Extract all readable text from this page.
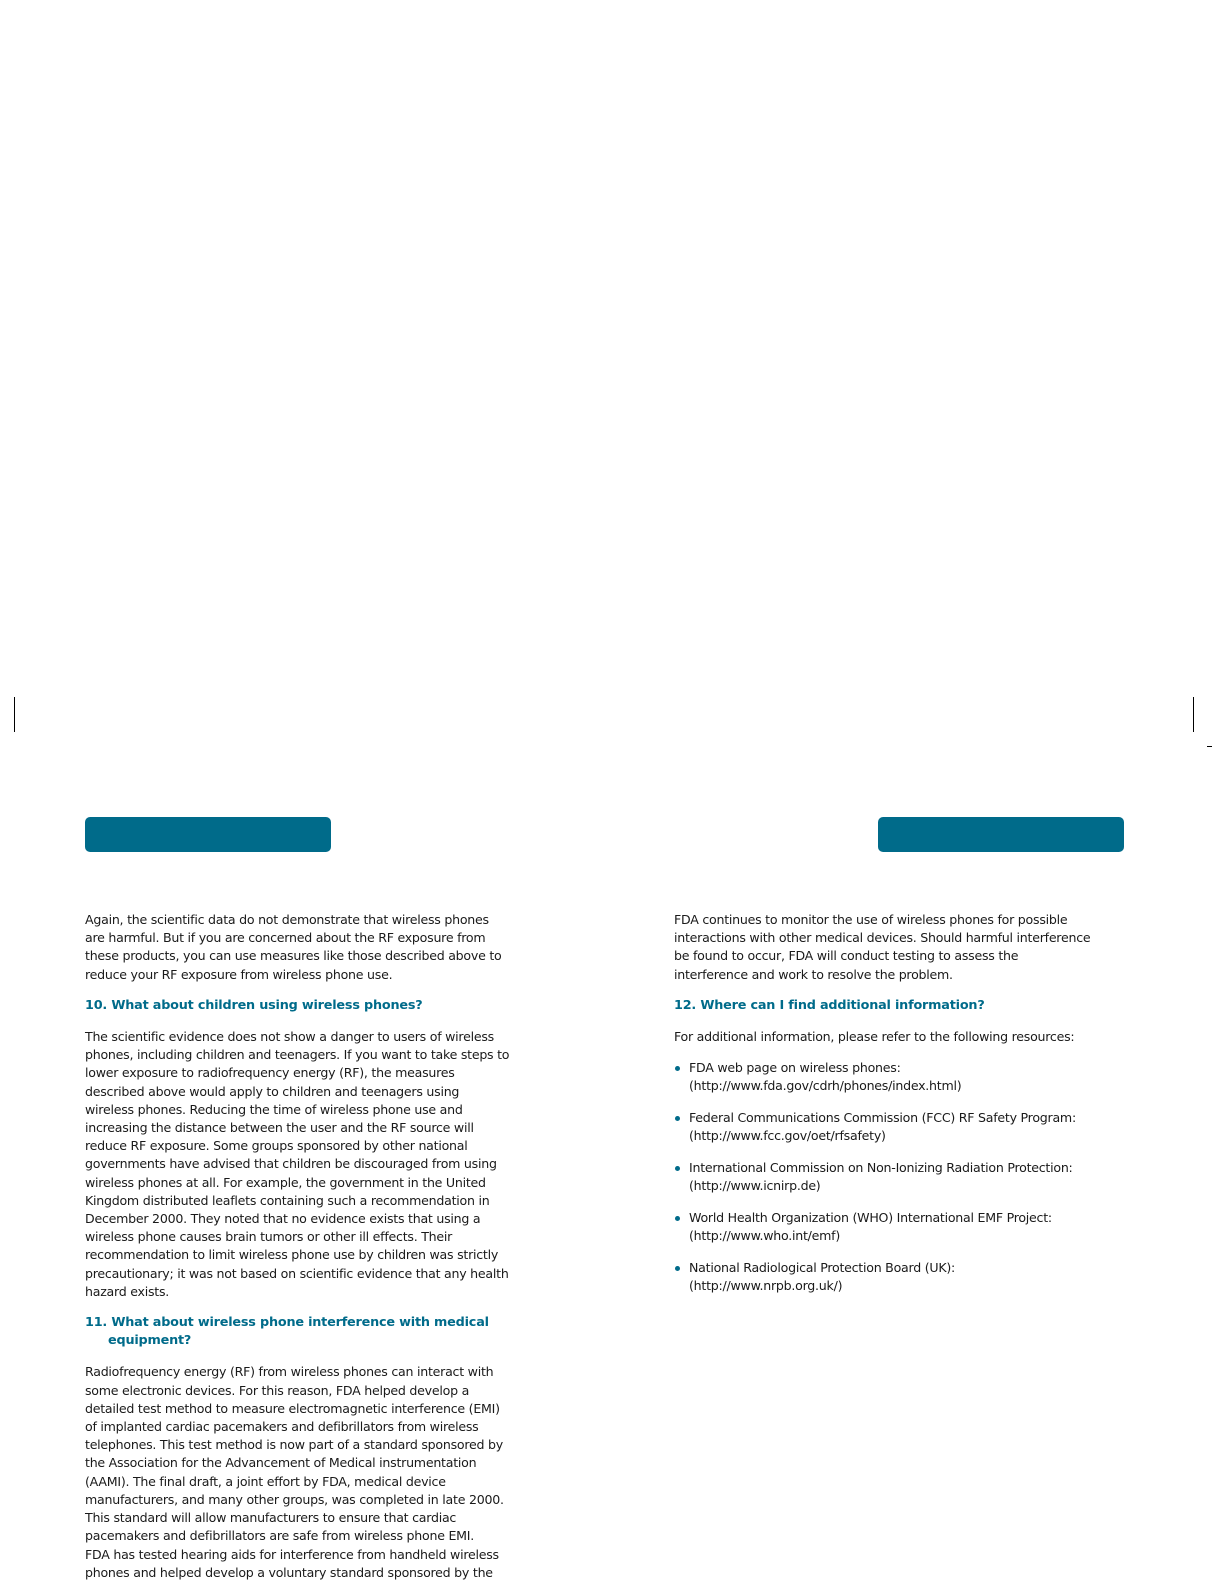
Again, the scientific data do not demonstrate that wireless phones are harmful. But if you are concerned about the RF exposure from these products, you can use measures like those described above to reduce your RF exposure from wireless phone use.

10. What about children using wireless phones?

The scientific evidence does not show a danger to users of wireless phones, including children and teenagers. If you want to take steps to lower exposure to radiofrequency energy (RF), the measures described above would apply to children and teenagers using wireless phones. Reducing the time of wireless phone use and increasing the distance between the user and the RF source will reduce RF exposure. Some groups sponsored by other national governments have advised that children be discouraged from using wireless phones at all. For example, the government in the United Kingdom distributed leaflets containing such a recommendation in December 2000. They noted that no evidence exists that using a wireless phone causes brain tumors or other ill effects. Their recommendation to limit wireless phone use by children was strictly precautionary; it was not based on scientific evidence that any health hazard exists.

11. What about wireless phone interference with medical equipment?

Radiofrequency energy (RF) from wireless phones can interact with some electronic devices. For this reason, FDA helped develop a detailed test method to measure electromagnetic interference (EMI) of implanted cardiac pacemakers and defibrillators from wireless telephones. This test method is now part of a standard sponsored by the Association for the Advancement of Medical instrumentation (AAMI). The final draft, a joint effort by FDA, medical device manufacturers, and many other groups, was completed in late 2000. This standard will allow manufacturers to ensure that cardiac pacemakers and defibrillators are safe from wireless phone EMI.

FDA has tested hearing aids for interference from handheld wireless phones and helped develop a voluntary standard sponsored by the

FDA continues to monitor the use of wireless phones for possible interactions with other medical devices. Should harmful interference be found to occur, FDA will conduct testing to assess the interference and work to resolve the problem.

12. Where can I find additional information?

For additional information, please refer to the following resources:

FDA web page on wireless phones:
(http://www.fda.gov/cdrh/phones/index.html)
Federal Communications Commission (FCC) RF Safety Program:
(http://www.fcc.gov/oet/rfsafety)
International Commission on Non-Ionizing Radiation Protection:
(http://www.icnirp.de)
World Health Organization (WHO) International EMF Project:
(http://www.who.int/emf)
National Radiological Protection Board (UK):
(http://www.nrpb.org.uk/)
